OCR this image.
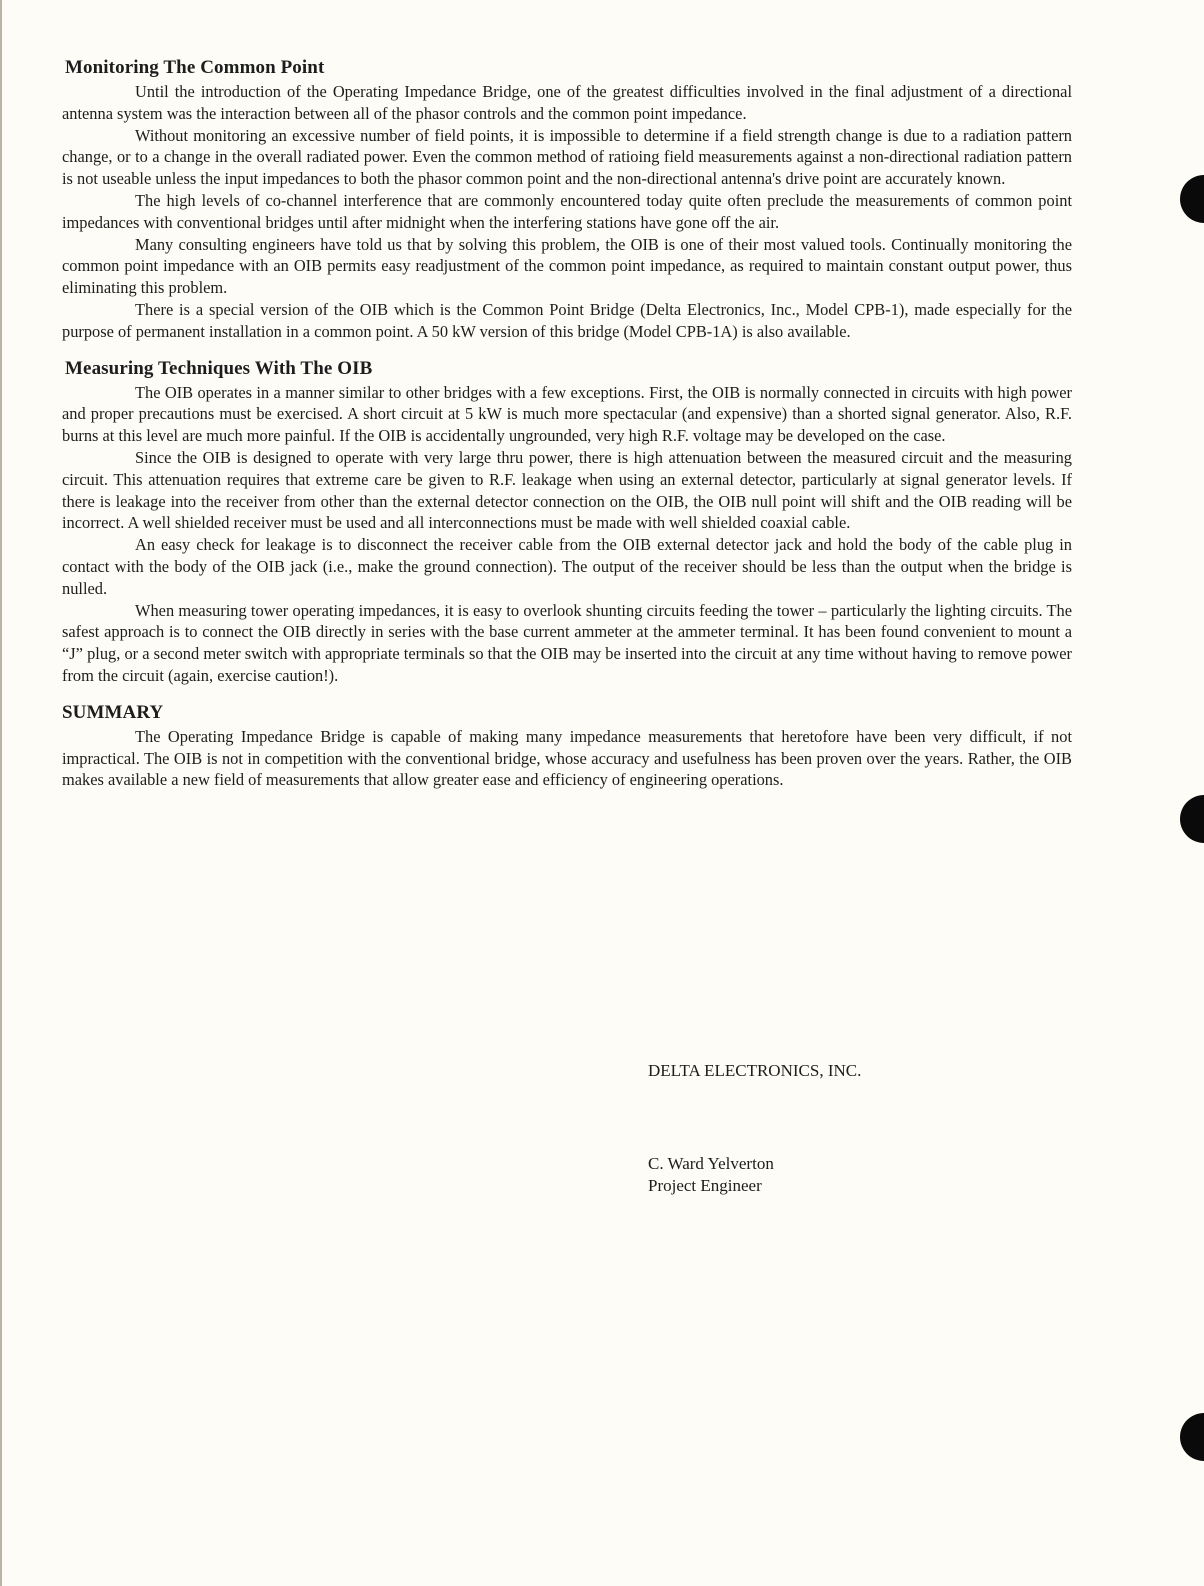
Monitoring The Common Point

Until the introduction of the Operating Impedance Bridge, one of the greatest difficulties involved in the final adjustment of a directional antenna system was the interaction between all of the phasor controls and the common point impedance.

Without monitoring an excessive number of field points, it is impossible to determine if a field strength change is due to a radiation pattern change, or to a change in the overall radiated power. Even the common method of ratioing field measurements against a non-directional radiation pattern is not useable unless the input impedances to both the phasor common point and the non-directional antenna's drive point are accurately known.

The high levels of co-channel interference that are commonly encountered today quite often preclude the measurements of common point impedances with conventional bridges until after midnight when the interfering stations have gone off the air.

Many consulting engineers have told us that by solving this problem, the OIB is one of their most valued tools. Continually monitoring the common point impedance with an OIB permits easy readjustment of the common point impedance, as required to maintain constant output power, thus eliminating this problem.

There is a special version of the OIB which is the Common Point Bridge (Delta Electronics, Inc., Model CPB-1), made especially for the purpose of permanent installation in a common point. A 50 kW version of this bridge (Model CPB-1A) is also available.

Measuring Techniques With The OIB

The OIB operates in a manner similar to other bridges with a few exceptions. First, the OIB is normally connected in circuits with high power and proper precautions must be exercised. A short circuit at 5 kW is much more spectacular (and expensive) than a shorted signal generator. Also, R.F. burns at this level are much more painful. If the OIB is accidentally ungrounded, very high R.F. voltage may be developed on the case.

Since the OIB is designed to operate with very large thru power, there is high attenuation between the measured circuit and the measuring circuit. This attenuation requires that extreme care be given to R.F. leakage when using an external detector, particularly at signal generator levels. If there is leakage into the receiver from other than the external detector connection on the OIB, the OIB null point will shift and the OIB reading will be incorrect. A well shielded receiver must be used and all interconnections must be made with well shielded coaxial cable.

An easy check for leakage is to disconnect the receiver cable from the OIB external detector jack and hold the body of the cable plug in contact with the body of the OIB jack (i.e., make the ground connection). The output of the receiver should be less than the output when the bridge is nulled.

When measuring tower operating impedances, it is easy to overlook shunting circuits feeding the tower – particularly the lighting circuits. The safest approach is to connect the OIB directly in series with the base current ammeter at the ammeter terminal. It has been found convenient to mount a “J” plug, or a second meter switch with appropriate terminals so that the OIB may be inserted into the circuit at any time without having to remove power from the circuit (again, exercise caution!).

SUMMARY

The Operating Impedance Bridge is capable of making many impedance measurements that heretofore have been very difficult, if not impractical. The OIB is not in competition with the conventional bridge, whose accuracy and usefulness has been proven over the years. Rather, the OIB makes available a new field of measurements that allow greater ease and efficiency of engineering operations.

DELTA ELECTRONICS, INC.
C. Ward Yelverton
Project Engineer
